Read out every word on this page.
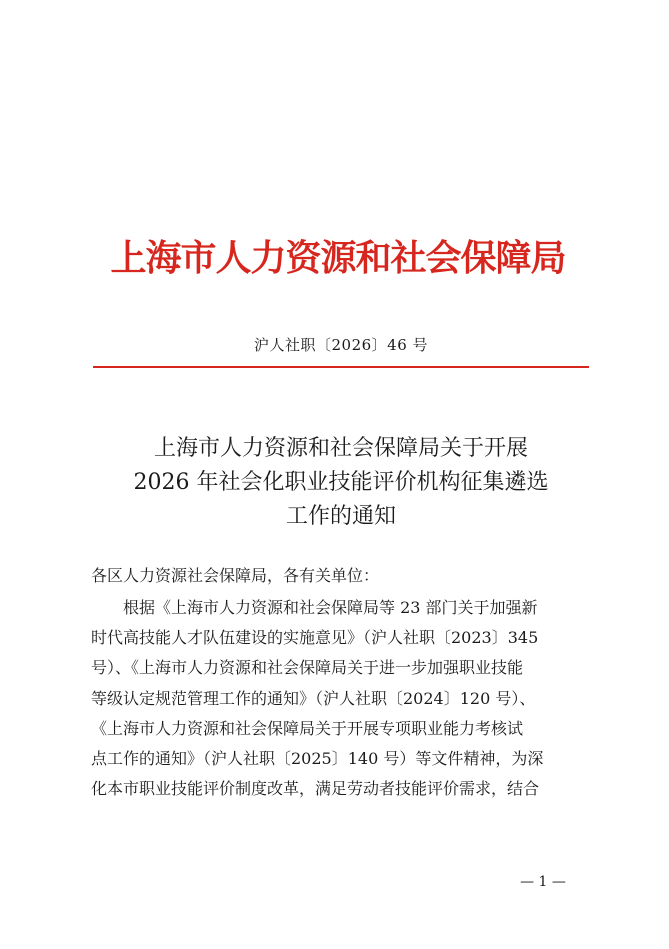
上海市人力资源和社会保障局
沪人社职〔2026〕46 号
上海市人力资源和社会保障局关于开展
2026 年社会化职业技能评价机构征集遴选
工作的通知
各区人力资源社会保障局，各有关单位：
根据《上海市人力资源和社会保障局等 23 部门关于加强新
时代高技能人才队伍建设的实施意见》（沪人社职〔2023〕345
号）、《上海市人力资源和社会保障局关于进一步加强职业技能
等级认定规范管理工作的通知》（沪人社职〔2024〕120 号）、
《上海市人力资源和社会保障局关于开展专项职业能力考核试
点工作的通知》（沪人社职〔2025〕140 号）等文件精神，为深
化本市职业技能评价制度改革，满足劳动者技能评价需求，结合
— 1 —
